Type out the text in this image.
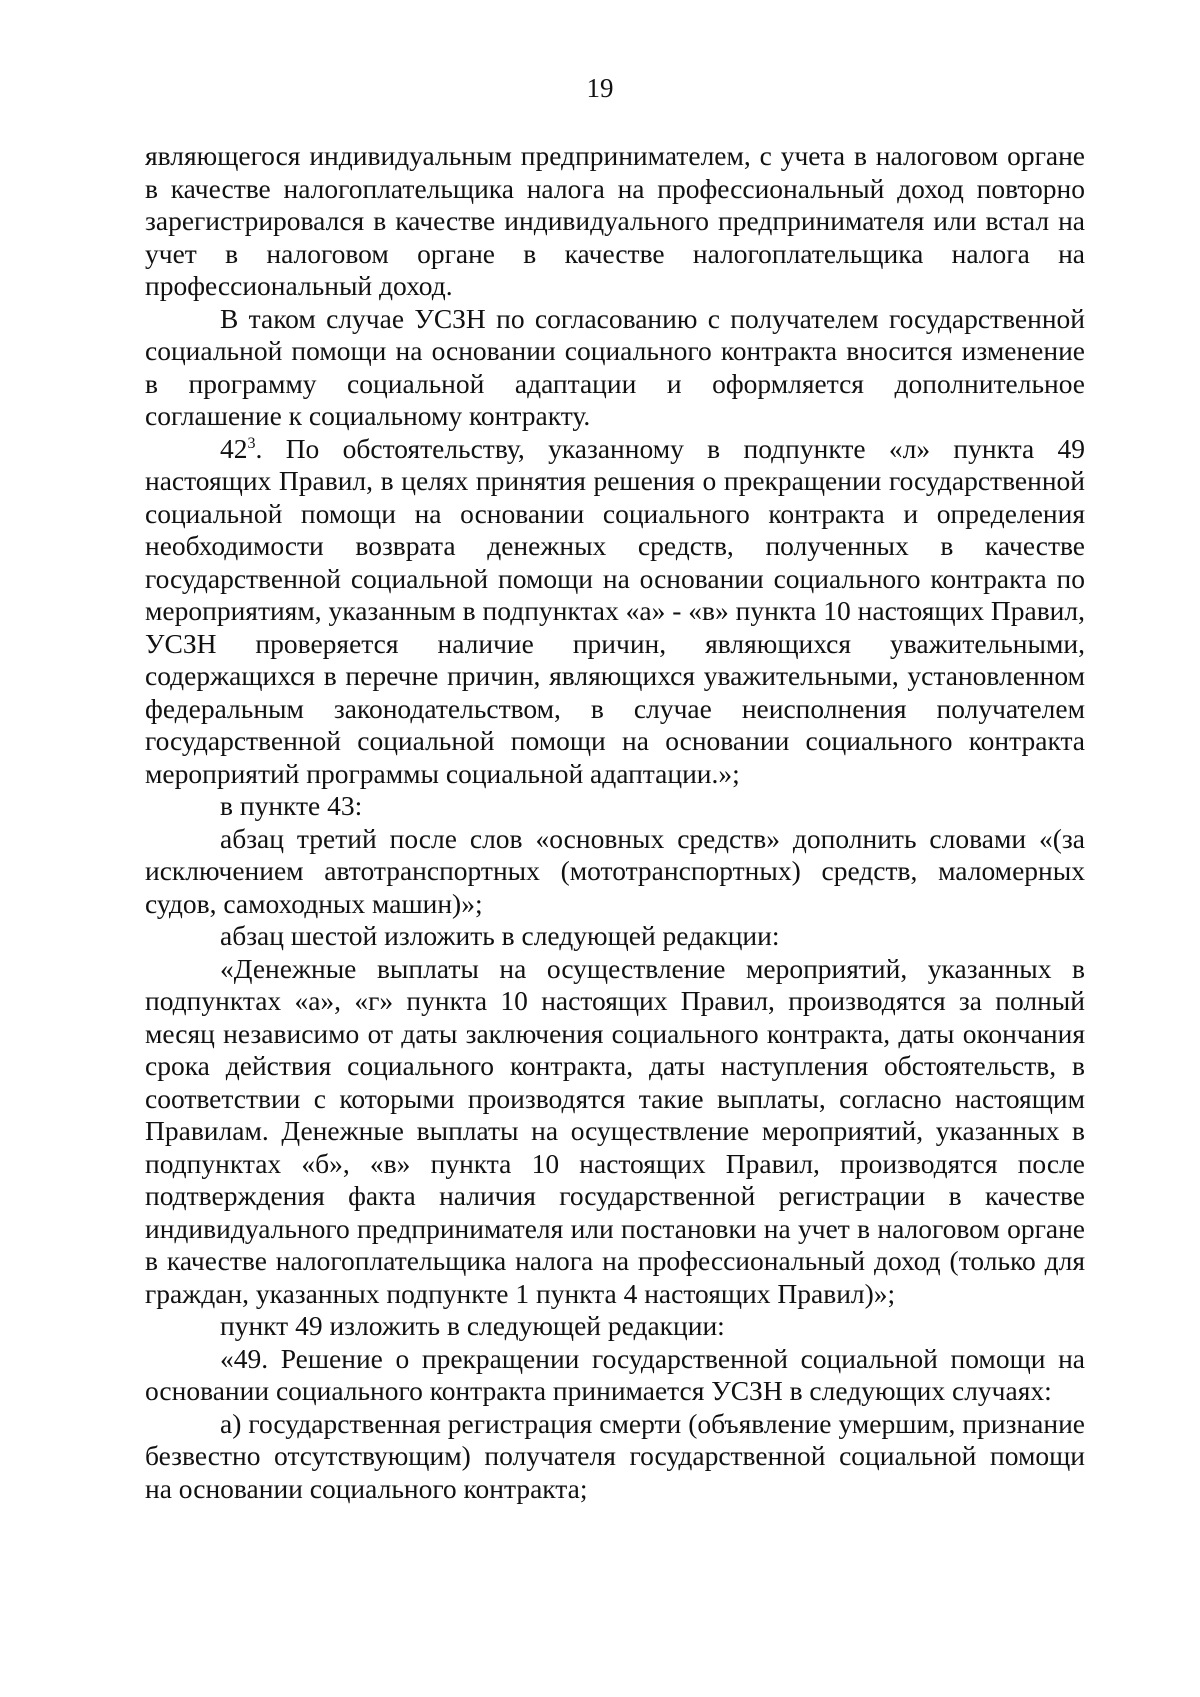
19

являющегося индивидуальным предпринимателем, с учета в налоговом органе в качестве налогоплательщика налога на профессиональный доход повторно зарегистрировался в качестве индивидуального предпринимателя или встал на учет в налоговом органе в качестве налогоплательщика налога на профессиональный доход.

В таком случае УСЗН по согласованию с получателем государственной социальной помощи на основании социального контракта вносится изменение в программу социальной адаптации и оформляется дополнительное соглашение к социальному контракту.

$42^3$. По обстоятельству, указанному в подпункте «л» пункта 49 настоящих Правил, в целях принятия решения о прекращении государственной социальной помощи на основании социального контракта и определения необходимости возврата денежных средств, полученных в качестве государственной социальной помощи на основании социального контракта по мероприятиям, указанным в подпунктах «а» - «в» пункта 10 настоящих Правил, УСЗН проверяется наличие причин, являющихся уважительными, содержащихся в перечне причин, являющихся уважительными, установленном федеральным законодательством, в случае неисполнения получателем государственной социальной помощи на основании социального контракта мероприятий программы социальной адаптации.»;

в пункте 43:

абзац третий после слов «основных средств» дополнить словами «(за исключением автотранспортных (мототранспортных) средств, маломерных судов, самоходных машин)»;

абзац шестой изложить в следующей редакции:

«Денежные выплаты на осуществление мероприятий, указанных в подпунктах «а», «г» пункта 10 настоящих Правил, производятся за полный месяц независимо от даты заключения социального контракта, даты окончания срока действия социального контракта, даты наступления обстоятельств, в соответствии с которыми производятся такие выплаты, согласно настоящим Правилам. Денежные выплаты на осуществление мероприятий, указанных в подпунктах «б», «в» пункта 10 настоящих Правил, производятся после подтверждения факта наличия государственной регистрации в качестве индивидуального предпринимателя или постановки на учет в налоговом органе в качестве налогоплательщика налога на профессиональный доход (только для граждан, указанных подпункте 1 пункта 4 настоящих Правил)»;

пункт 49 изложить в следующей редакции:

«49. Решение о прекращении государственной социальной помощи на основании социального контракта принимается УСЗН в следующих случаях:

а) государственная регистрация смерти (объявление умершим, признание безвестно отсутствующим) получателя государственной социальной помощи на основании социального контракта;
